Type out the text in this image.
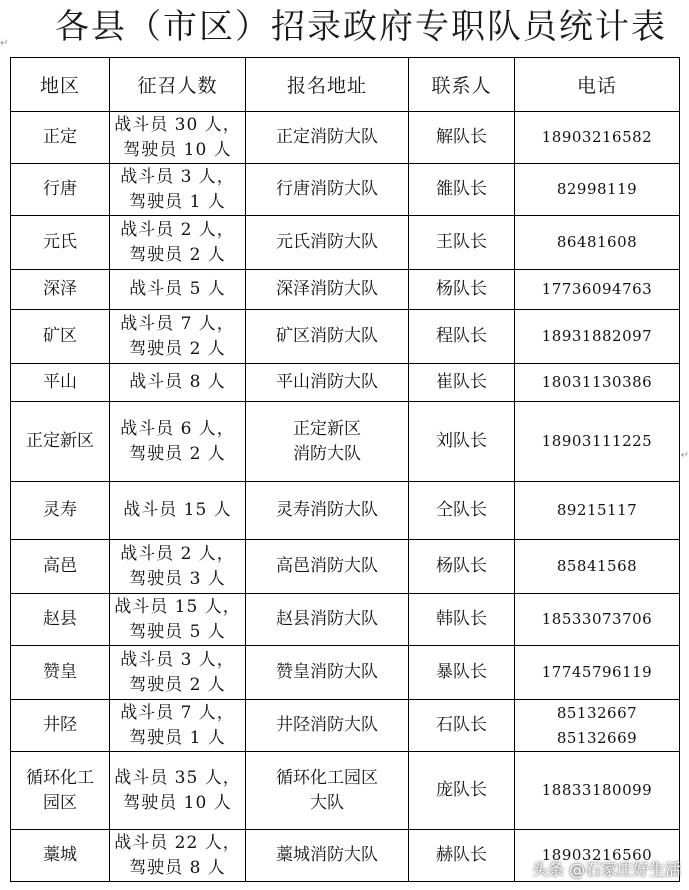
↵ 各县（市区）招录政府专职队员统计表
↵
地区	征召人数	报名地址	联系人	电话

正定	战斗员 30 人，
驾驶员 10 人	正定消防大队	解队长	18903216582

行唐	战斗员 3 人，
驾驶员 1 人	行唐消防大队	雒队长	82998119

元氏	战斗员 2 人，
驾驶员 2 人	元氏消防大队	王队长	86481608

深泽	战斗员 5 人	深泽消防大队	杨队长	17736094763

矿区	战斗员 7 人，
驾驶员 2 人	矿区消防大队	程队长	18931882097

平山	战斗员 8 人	平山消防大队	崔队长	18031130386

正定新区	战斗员 6 人，
驾驶员 2 人	正定新区
消防大队	刘队长	18903111225

灵寿	战斗员 15 人	灵寿消防大队	仝队长	89215117

高邑	战斗员 2 人，
驾驶员 3 人	高邑消防大队	杨队长	85841568

赵县	战斗员 15 人，
驾驶员 5 人	赵县消防大队	韩队长	18533073706

赞皇	战斗员 3 人，
驾驶员 2 人	赞皇消防大队	暴队长	17745796119

井陉	战斗员 7 人，
驾驶员 1 人	井陉消防大队	石队长	85132667
85132669

循环化工
园区	战斗员 35 人，
驾驶员 10 人	循环化工园区
大队	庞队长	18833180099

藁城	战斗员 22 人，
驾驶员 8 人	藁城消防大队	赫队长	18903216560
头条 @石家庄好生活
